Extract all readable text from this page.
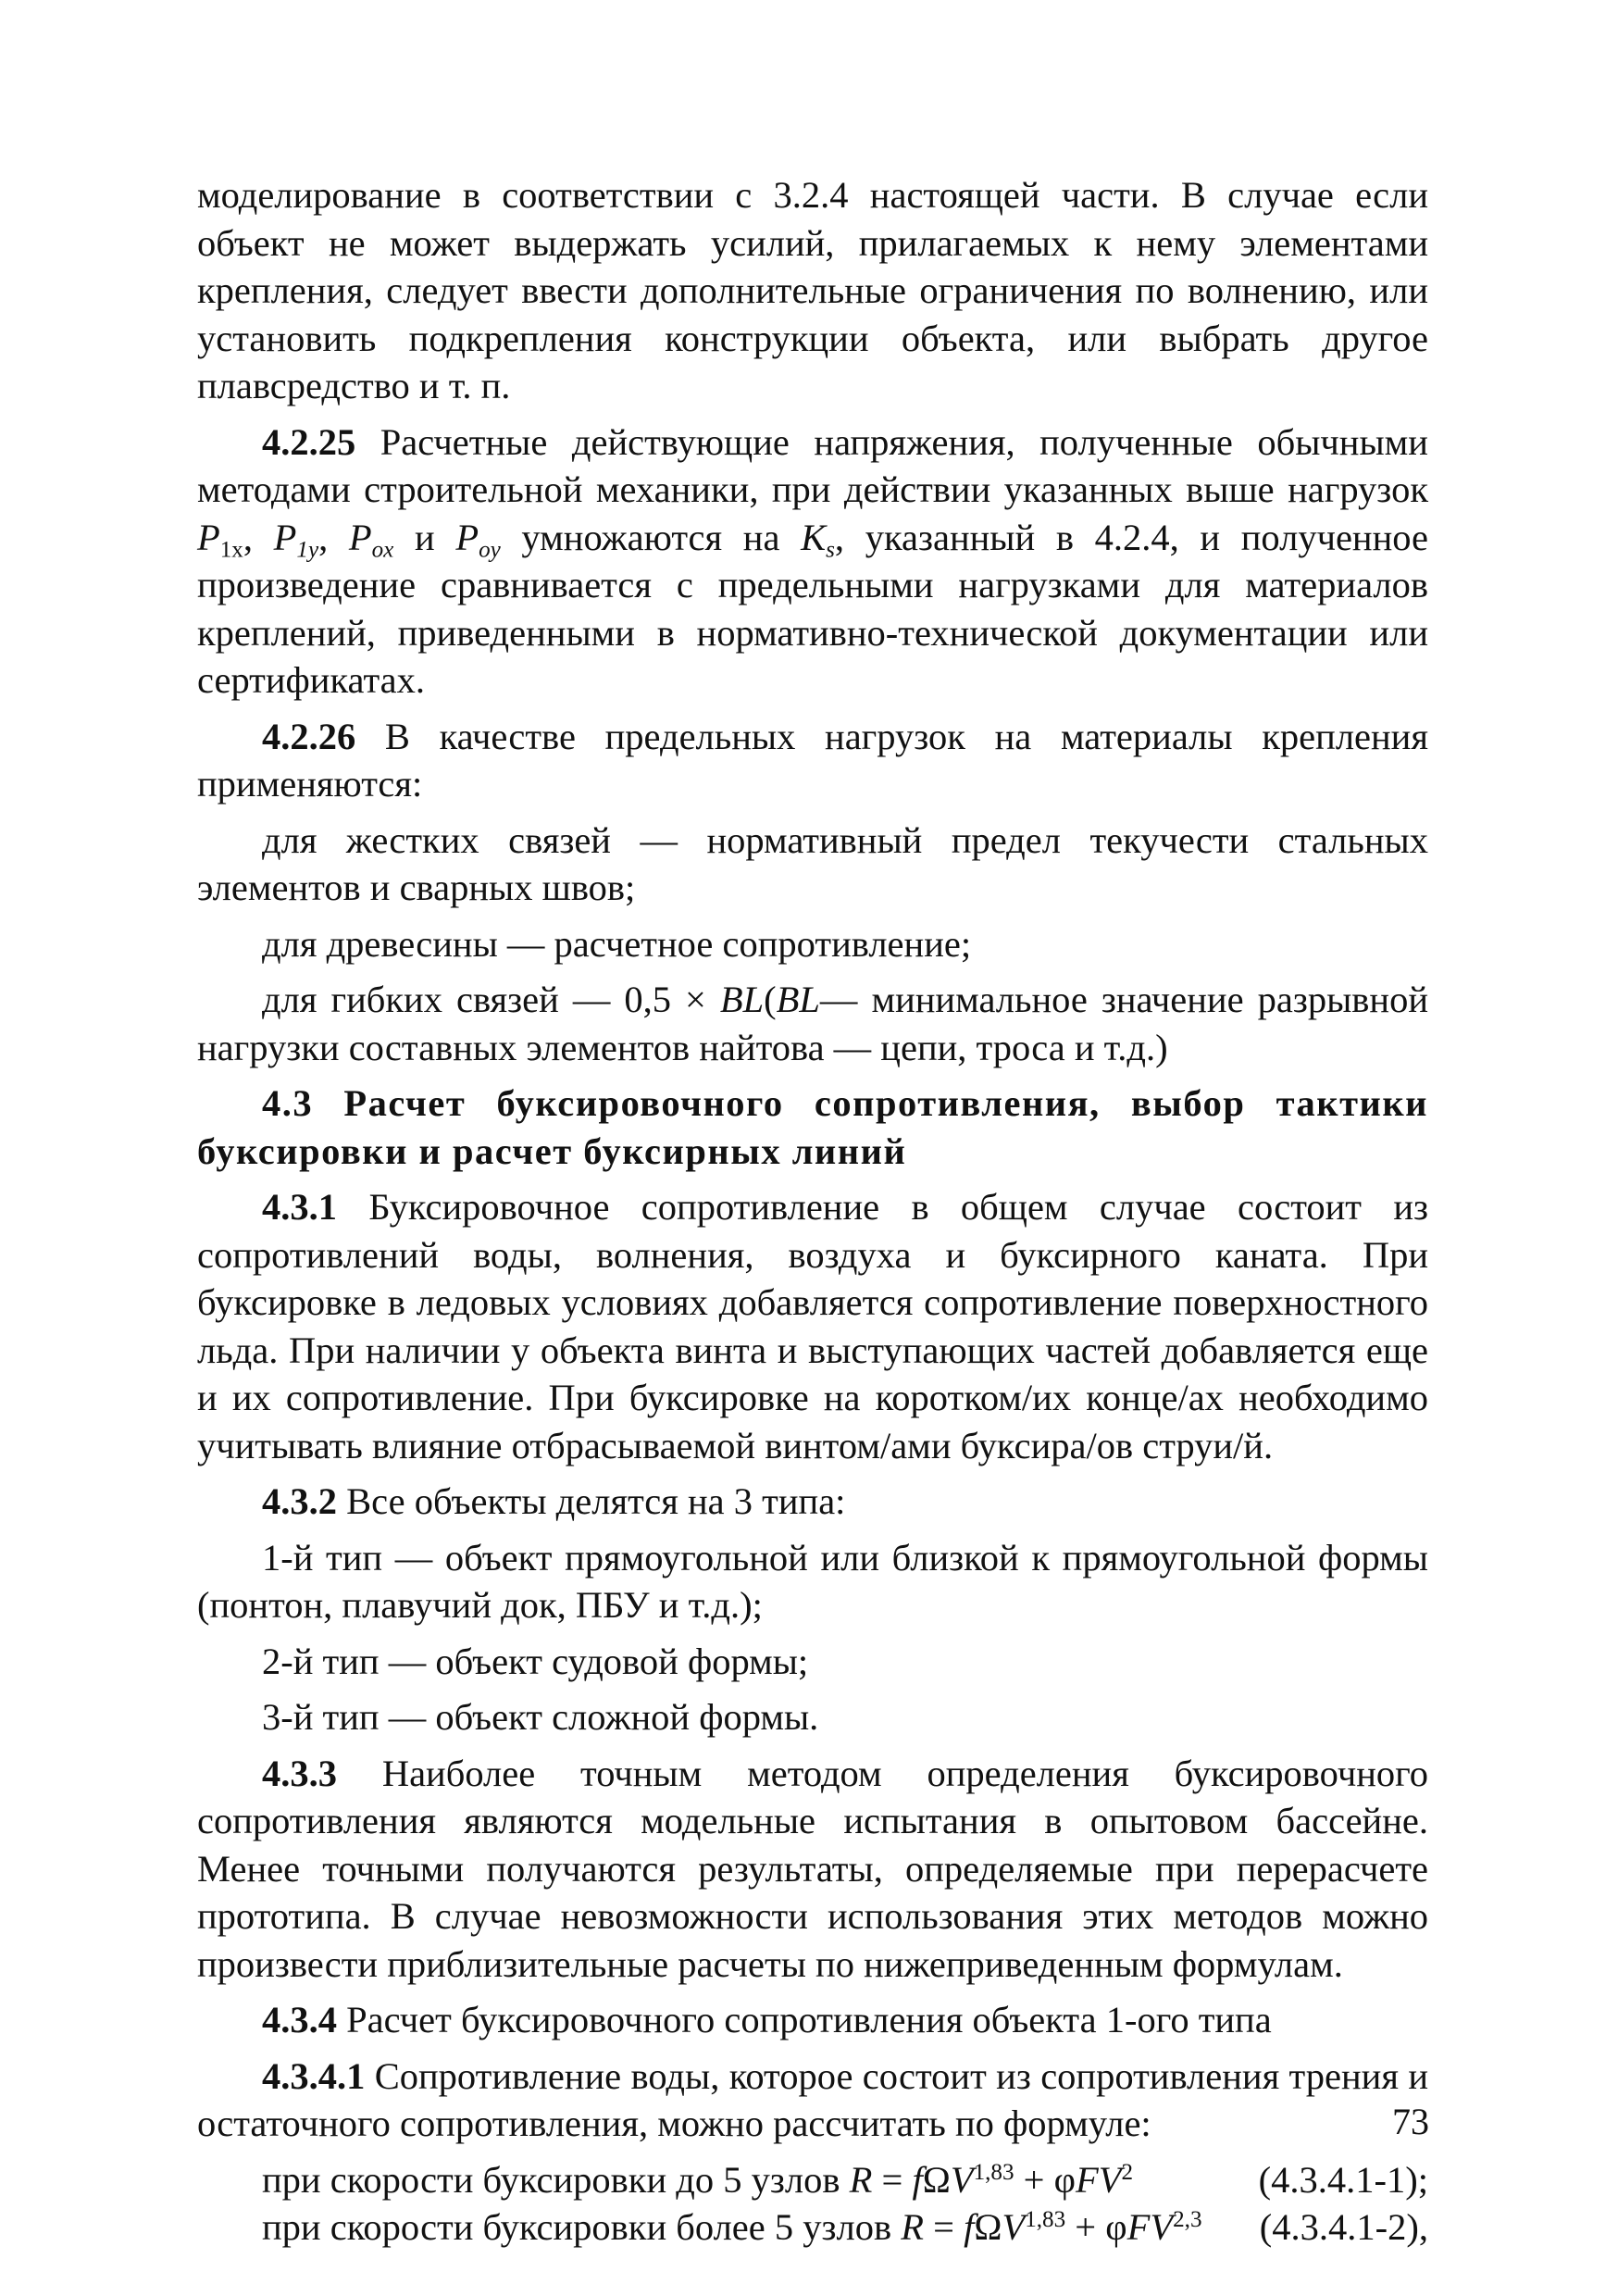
моделирование в соответствии с 3.2.4 настоящей части. В случае если объект не может выдержать усилий, прилагаемых к нему элементами крепления, следует ввести дополнительные ограничения по волнению, или установить подкрепления конструкции объекта, или выбрать другое плавсредство и т. п.

4.2.25 Расчетные действующие напряжения, полученные обычными методами строительной механики, при действии указанных выше нагрузок $P_{1x}$, $P_{1y}$, $P_{ox}$ и $P_{oy}$ умножаются на $K_s$, указанный в 4.2.4, и полученное произведение сравнивается с предельными нагрузками для материалов креплений, приведенными в нормативно-технической документации или сертификатах.

4.2.26 В качестве предельных нагрузок на материалы крепления применяются:

для жестких связей — нормативный предел текучести стальных элементов и сварных швов;

для древесины — расчетное сопротивление;

для гибких связей — 0,5 × BL(BL— минимальное значение разрывной нагрузки составных элементов найтова — цепи, троса и т.д.)

4.3 Расчет буксировочного сопротивления, выбор тактики буксировки и расчет буксирных линий

4.3.1 Буксировочное сопротивление в общем случае состоит из сопротивлений воды, волнения, воздуха и буксирного каната. При буксировке в ледовых условиях добавляется сопротивление поверхностного льда. При наличии у объекта винта и выступающих частей добавляется еще и их сопротивление. При буксировке на коротком/их конце/ах необходимо учитывать влияние отбрасываемой винтом/ами буксира/ов струи/й.

4.3.2 Все объекты делятся на 3 типа:

1-й тип — объект прямоугольной или близкой к прямоугольной формы (понтон, плавучий док, ПБУ и т.д.);

2-й тип — объект судовой формы;

3-й тип — объект сложной формы.

4.3.3 Наиболее точным методом определения буксировочного сопротивления являются модельные испытания в опытовом бассейне. Менее точными получаются результаты, определяемые при перерасчете прототипа. В случае невозможности использования этих методов можно произвести приблизительные расчеты по нижеприведенным формулам.

4.3.4 Расчет буксировочного сопротивления объекта 1-ого типа

4.3.4.1 Сопротивление воды, которое состоит из сопротивления трения и остаточного сопротивления, можно рассчитать по формуле:

при скорости буксировки до 5 узлов R = fΩV$^{1,83}$ + φFV$^2$	(4.3.4.1-1);
при скорости буксировки более 5 узлов R = fΩV$^{1,83}$ + φFV$^{2,3}$ (4.3.4.1-2),
73
